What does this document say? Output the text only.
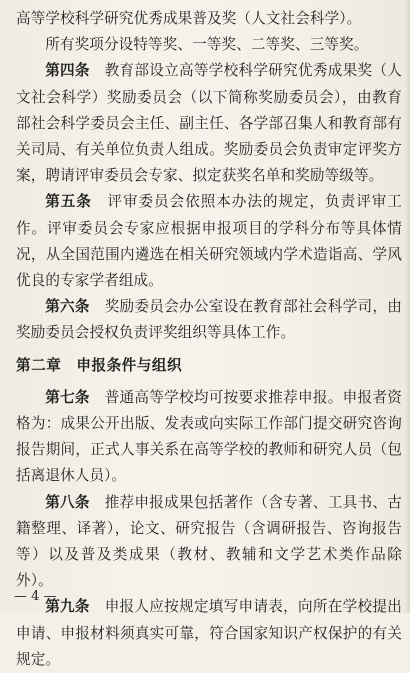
高等学校科学研究优秀成果普及奖（人文社会科学）。

所有奖项分设特等奖、一等奖、二等奖、三等奖。

第四条　 教育部设立高等学校科学研究优秀成果奖（人文社会科学）奖励委员会（以下简称奖励委员会），由教育部社会科学委员会主任、副主任、各学部召集人和教育部有关司局、有关单位负责人组成。奖励委员会负责审定评奖方案，聘请评审委员会专家、拟定获奖名单和奖励等级等。

第五条　 评审委员会依照本办法的规定，负责评审工作。评审委员会专家应根据申报项目的学科分布等具体情况，从全国范围内遴选在相关研究领域内学术造诣高、学风优良的专家学者组成。

第六条　 奖励委员会办公室设在教育部社会科学司，由奖励委员会授权负责评奖组织等具体工作。

第二章　申报条件与组织

第七条　 普通高等学校均可按要求推荐申报。申报者资格为：成果公开出版、发表或向实际工作部门提交研究咨询报告期间，正式人事关系在高等学校的教师和研究人员（包括离退休人员）。

第八条　 推荐申报成果包括著作（含专著、工具书、古籍整理、译著），论文、研究报告（含调研报告、咨询报告等）以及普及类成果（教材、教辅和文学艺术类作品除外）。

第九条　 申报人应按规定填写申请表，向所在学校提出申请、申报材料须真实可靠，符合国家知识产权保护的有关规定。

— 4 —
